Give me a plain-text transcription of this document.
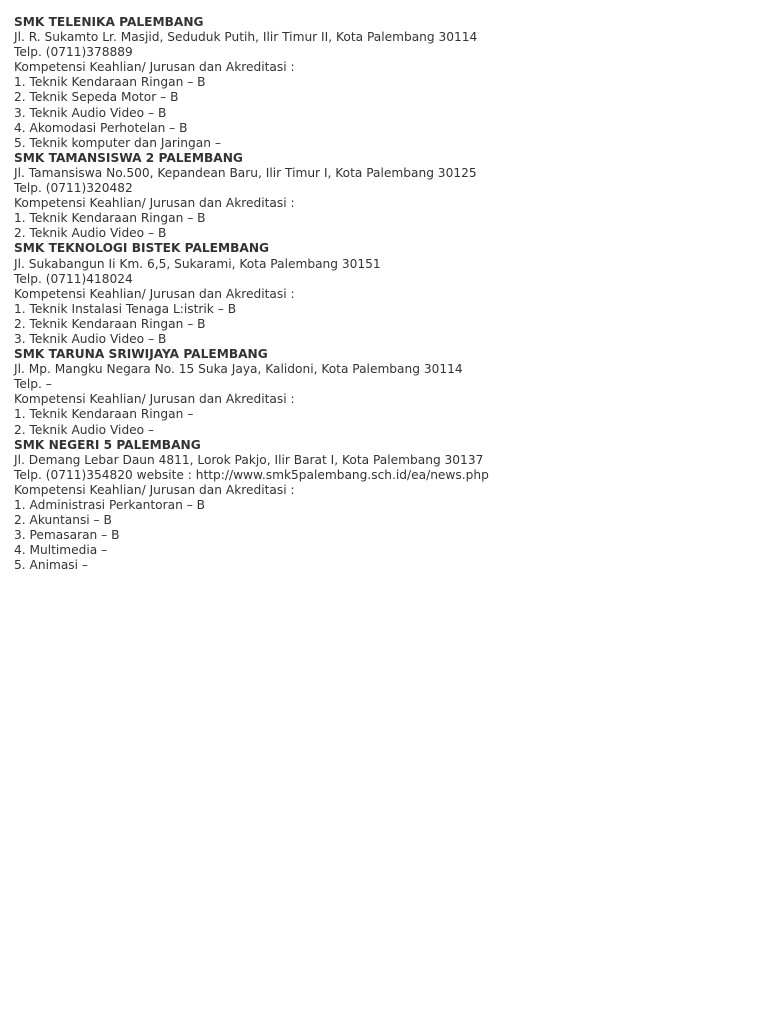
SMK TELENIKA PALEMBANG
Jl. R. Sukamto Lr. Masjid, Seduduk Putih, Ilir Timur II, Kota Palembang 30114
Telp. (0711)378889
Kompetensi Keahlian/ Jurusan dan Akreditasi :
1. Teknik Kendaraan Ringan – B
2. Teknik Sepeda Motor – B
3. Teknik Audio Video – B
4. Akomodasi Perhotelan – B
5. Teknik komputer dan Jaringan –
SMK TAMANSISWA 2 PALEMBANG
Jl. Tamansiswa No.500, Kepandean Baru, Ilir Timur I, Kota Palembang 30125
Telp. (0711)320482
Kompetensi Keahlian/ Jurusan dan Akreditasi :
1. Teknik Kendaraan Ringan – B
2. Teknik Audio Video – B
SMK TEKNOLOGI BISTEK PALEMBANG
Jl. Sukabangun Ii Km. 6,5, Sukarami, Kota Palembang 30151
Telp. (0711)418024
Kompetensi Keahlian/ Jurusan dan Akreditasi :
1. Teknik Instalasi Tenaga L:istrik – B
2. Teknik Kendaraan Ringan – B
3. Teknik Audio Video – B
SMK TARUNA SRIWIJAYA PALEMBANG
Jl. Mp. Mangku Negara No. 15 Suka Jaya, Kalidoni, Kota Palembang 30114
Telp. –
Kompetensi Keahlian/ Jurusan dan Akreditasi :
1. Teknik Kendaraan Ringan –
2. Teknik Audio Video –
SMK NEGERI 5 PALEMBANG
Jl. Demang Lebar Daun 4811, Lorok Pakjo, Ilir Barat I, Kota Palembang 30137
Telp. (0711)354820 website : http://www.smk5palembang.sch.id/ea/news.php
Kompetensi Keahlian/ Jurusan dan Akreditasi :
1. Administrasi Perkantoran – B
2. Akuntansi – B
3. Pemasaran – B
4. Multimedia –
5. Animasi –
